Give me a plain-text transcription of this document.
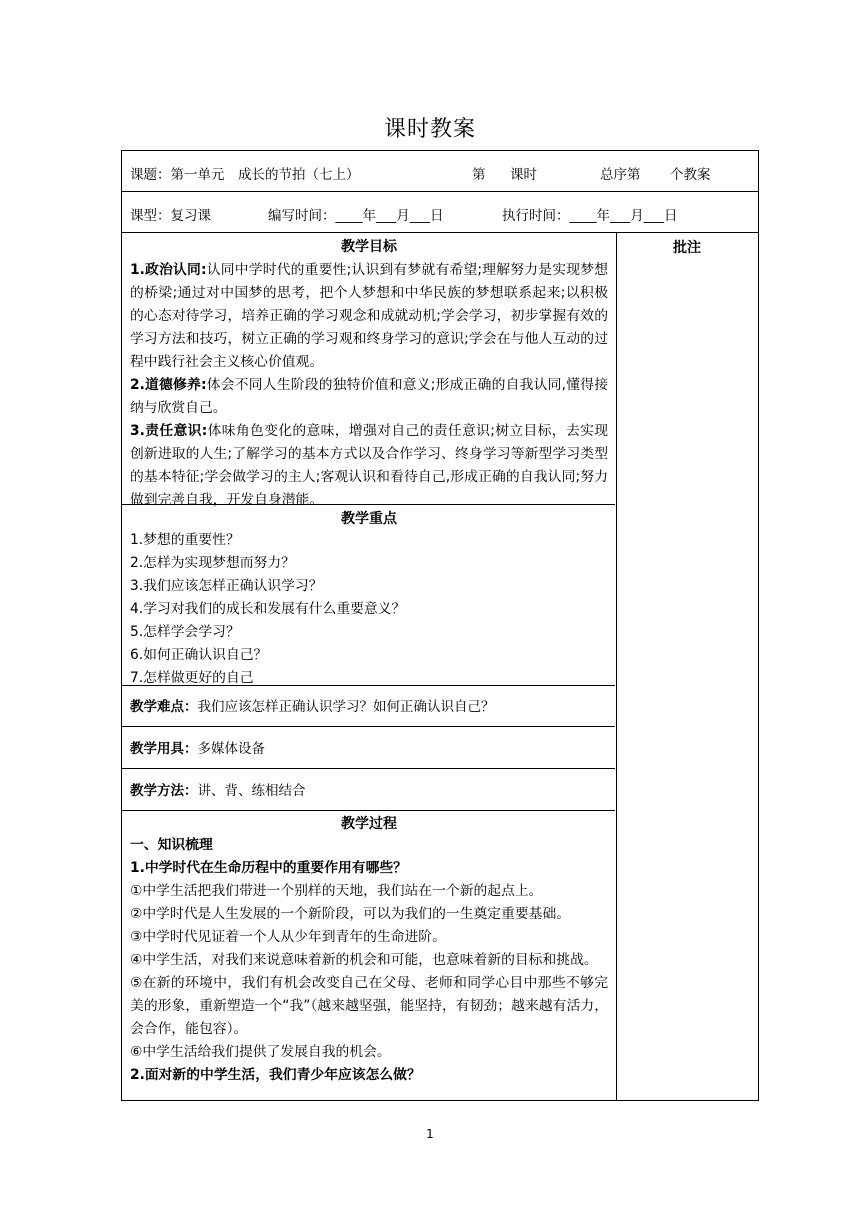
课时教案
课题：第一单元　成长的节拍（七上）	第 课时	总序第 个教案
课型：复习课	编写时间：____年___月___日	执行时间：____年___月___日
批注
教学目标
1.政治认同:认同中学时代的重要性;认识到有梦就有希望;理解努力是实现梦想的桥梁;通过对中国梦的思考，把个人梦想和中华民族的梦想联系起来;以积极的心态对待学习，培养正确的学习观念和成就动机;学会学习，初步掌握有效的学习方法和技巧，树立正确的学习观和终身学习的意识;学会在与他人互动的过程中践行社会主义核心价值观。
2.道德修养:体会不同人生阶段的独特价值和意义;形成正确的自我认同,懂得接纳与欣赏自己。
3.责任意识:体味角色变化的意味，增强对自己的责任意识;树立目标，去实现创新进取的人生;了解学习的基本方式以及合作学习、终身学习等新型学习类型的基本特征;学会做学习的主人;客观认识和看待自己,形成正确的自我认同;努力做到完善自我，开发自身潜能。
教学重点
1.梦想的重要性？
2.怎样为实现梦想而努力？
3.我们应该怎样正确认识学习？
4.学习对我们的成长和发展有什么重要意义？
5.怎样学会学习？
6.如何正确认识自己？
7.怎样做更好的自己
教学难点：我们应该怎样正确认识学习？如何正确认识自己？
教学用具：多媒体设备
教学方法：讲、背、练相结合
教学过程
一、知识梳理
1.中学时代在生命历程中的重要作用有哪些？
①中学生活把我们带进一个别样的天地，我们站在一个新的起点上。
②中学时代是人生发展的一个新阶段，可以为我们的一生奠定重要基础。
③中学时代见证着一个人从少年到青年的生命进阶。
④中学生活，对我们来说意味着新的机会和可能，也意味着新的目标和挑战。
⑤在新的环境中，我们有机会改变自己在父母、老师和同学心目中那些不够完美的形象，重新塑造一个“我”（越来越坚强，能坚持，有韧劲；越来越有活力，会合作，能包容）。
⑥中学生活给我们提供了发展自我的机会。
2.面对新的中学生活，我们青少年应该怎么做？
1
